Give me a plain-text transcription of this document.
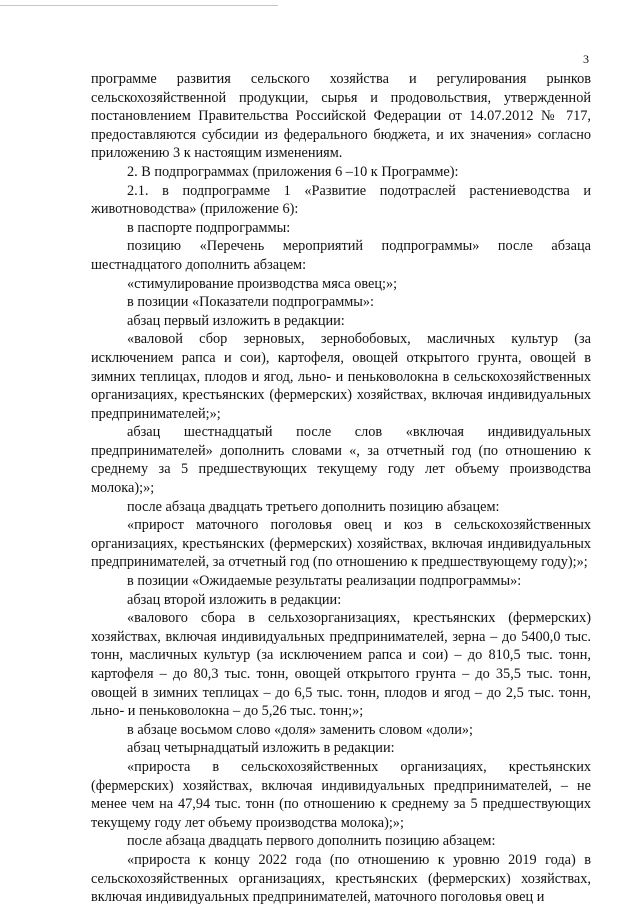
3

программе развития сельского хозяйства и регулирования рынков сельскохозяйственной продукции, сырья и продовольствия, утвержденной постановлением Правительства Российской Федерации от 14.07.2012 № 717, предоставляются субсидии из федерального бюджета, и их значения» согласно приложению 3 к настоящим изменениям.

2. В подпрограммах (приложения 6 –10 к Программе):

2.1. в подпрограмме 1 «Развитие подотраслей растениеводства и животноводства» (приложение 6):

в паспорте подпрограммы:

позицию «Перечень мероприятий подпрограммы» после абзаца шестнадцатого дополнить абзацем:

«стимулирование производства мяса овец;»;

в позиции «Показатели подпрограммы»:

абзац первый изложить в редакции:

«валовой сбор зерновых, зернобобовых, масличных культур (за исключением рапса и сои), картофеля, овощей открытого грунта, овощей в зимних теплицах, плодов и ягод, льно- и пеньковолокна в сельскохозяйственных организациях, крестьянских (фермерских) хозяйствах, включая индивидуальных предпринимателей;»;

абзац шестнадцатый после слов «включая индивидуальных предпринимателей» дополнить словами «, за отчетный год (по отношению к среднему за 5 предшествующих текущему году лет объему производства молока);»;

после абзаца двадцать третьего дополнить позицию абзацем:

«прирост маточного поголовья овец и коз в сельскохозяйственных организациях, крестьянских (фермерских) хозяйствах, включая индивидуальных предпринимателей, за отчетный год (по отношению к предшествующему году);»;

в позиции «Ожидаемые результаты реализации подпрограммы»:

абзац второй изложить в редакции:

«валового сбора в сельхозорганизациях, крестьянских (фермерских) хозяйствах, включая индивидуальных предпринимателей, зерна – до 5400,0 тыс. тонн, масличных культур (за исключением рапса и сои) – до 810,5 тыс. тонн, картофеля – до 80,3 тыс. тонн, овощей открытого грунта – до 35,5 тыс. тонн, овощей в зимних теплицах – до 6,5 тыс. тонн, плодов и ягод – до 2,5 тыс. тонн, льно- и пеньковолокна – до 5,26 тыс. тонн;»;

в абзаце восьмом слово «доля» заменить словом «доли»;

абзац четырнадцатый изложить в редакции:

«прироста в сельскохозяйственных организациях, крестьянских (фермерских) хозяйствах, включая индивидуальных предпринимателей, – не менее чем на 47,94 тыс. тонн (по отношению к среднему за 5 предшествующих текущему году лет объему производства молока);»;

после абзаца двадцать первого дополнить позицию абзацем:

«прироста к концу 2022 года (по отношению к уровню 2019 года) в сельскохозяйственных организациях, крестьянских (фермерских) хозяйствах, включая индивидуальных предпринимателей, маточного поголовья овец и
